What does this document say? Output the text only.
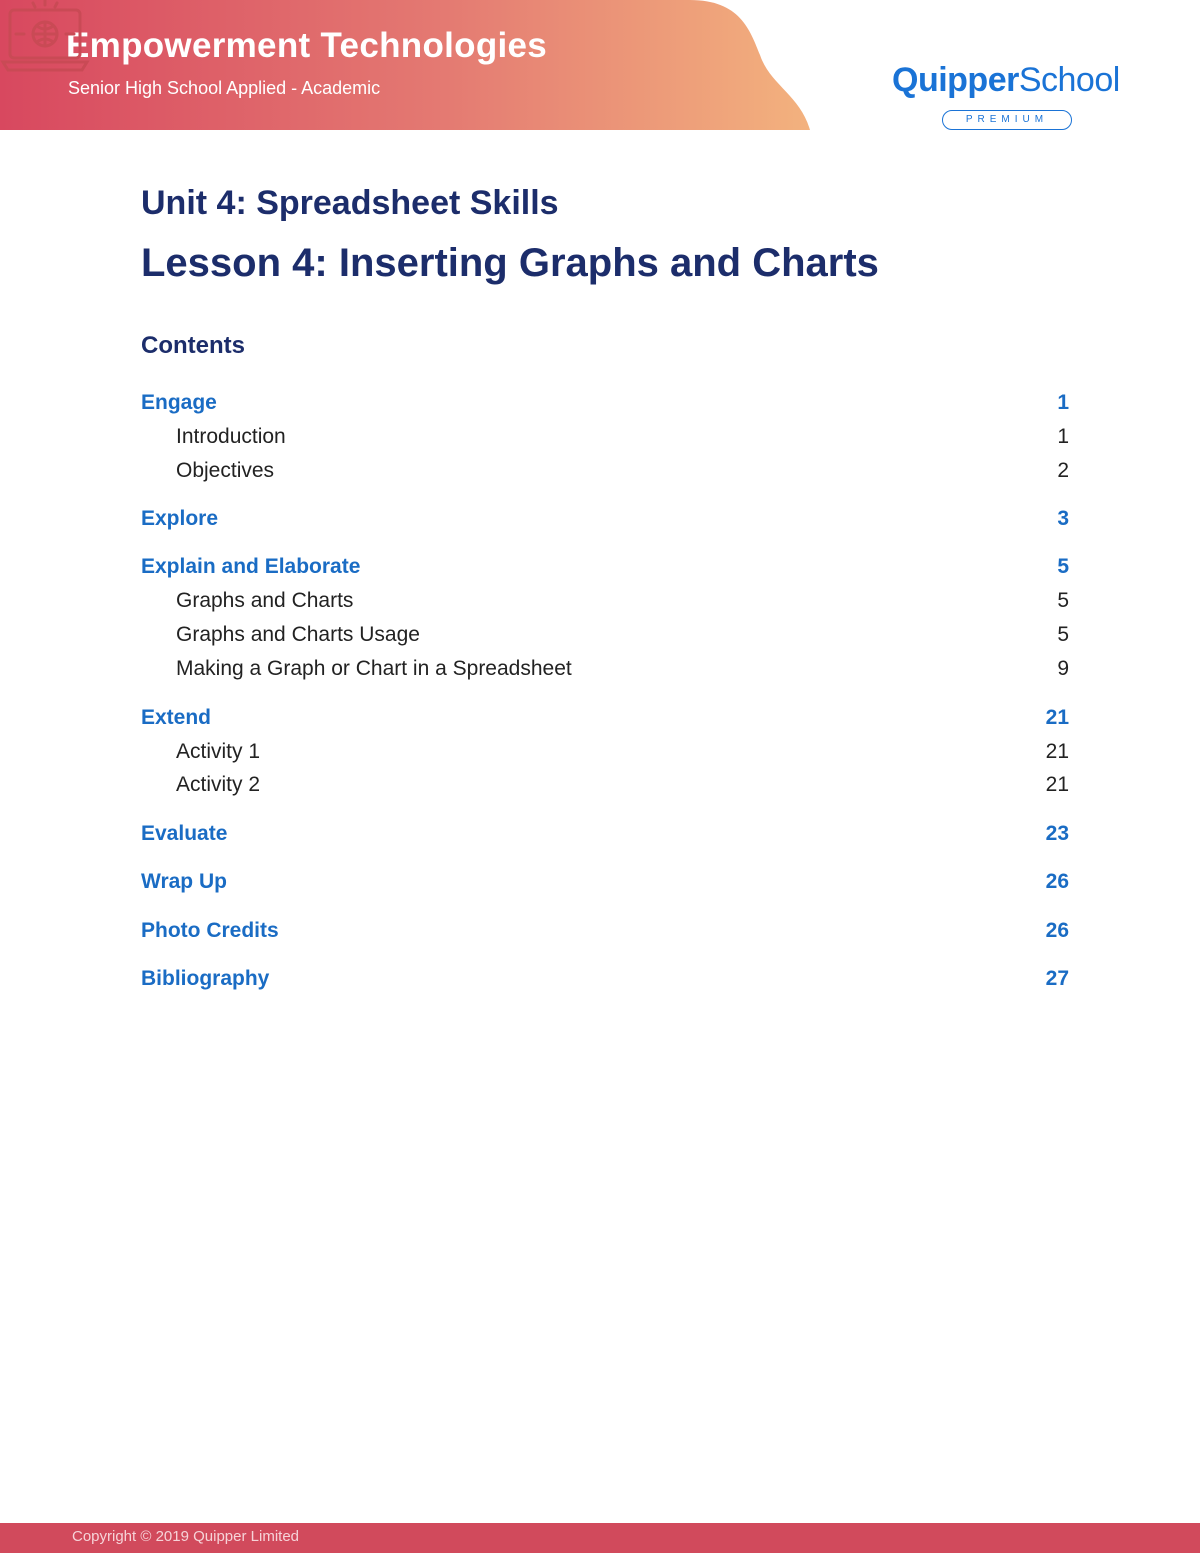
Empowerment Technologies
Senior High School Applied - Academic	QuipperSchool
PREMIUM
Unit 4: Spreadsheet Skills
Lesson 4: Inserting Graphs and Charts
Contents
Engage	1
Introduction	1
Objectives	2
Explore	3
Explain and Elaborate	5
Graphs and Charts	5
Graphs and Charts Usage	5
Making a Graph or Chart in a Spreadsheet	9
Extend	21
Activity 1	21
Activity 2	21
Evaluate	23
Wrap Up	26
Photo Credits	26
Bibliography	27
Copyright © 2019 Quipper Limited
